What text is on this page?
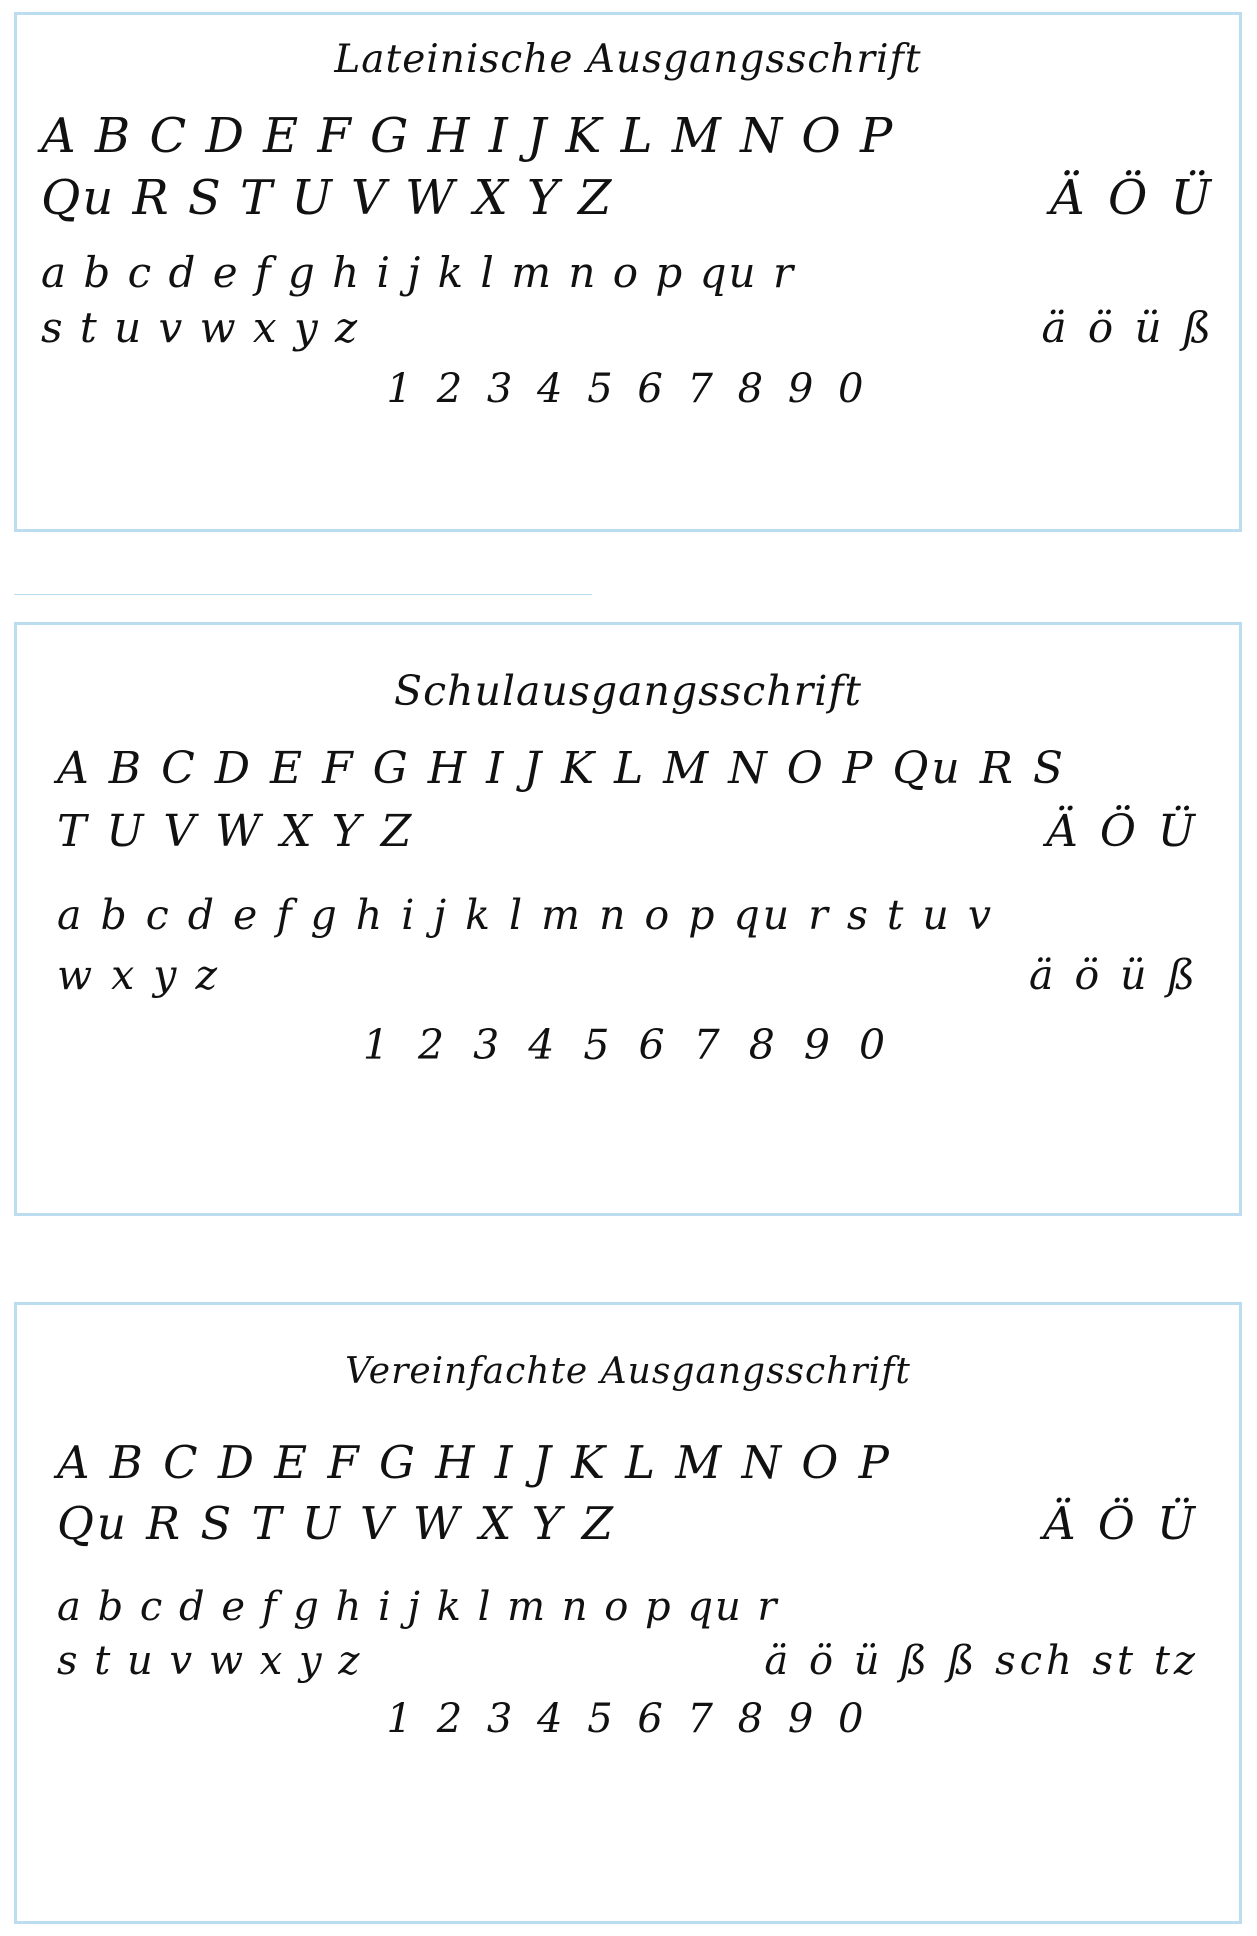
Lateinische Ausgangsschrift
A B C D E F G H I J K L M N O P
Qu R S T U V W X Y Z	Ä Ö Ü
a b c d e f g h i j k l m n o p qu r
s t u v w x y z	ä ö ü ß
1 2 3 4 5 6 7 8 9 0
Schulausgangsschrift
A B C D E F G H I J K L M N O P Qu R S
T U V W X Y Z	Ä Ö Ü
a b c d e f g h i j k l m n o p qu r s t u v
w x y z	ä ö ü ß
1 2 3 4 5 6 7 8 9 0
Vereinfachte Ausgangsschrift
A B C D E F G H I J K L M N O P
Qu R S T U V W X Y Z	Ä Ö Ü
a b c d e f g h i j k l m n o p qu r
s t u v w x y z	ä ö ü ß ß sch st tz
1 2 3 4 5 6 7 8 9 0
